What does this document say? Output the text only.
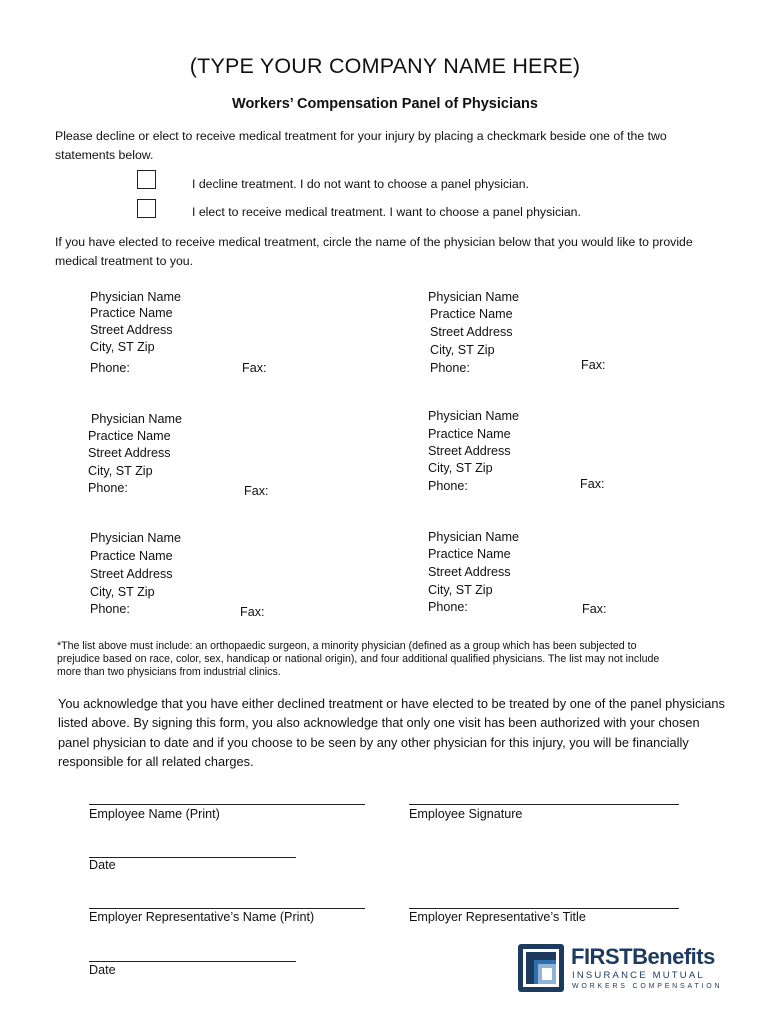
(TYPE YOUR COMPANY NAME HERE)
Workers’ Compensation Panel of Physicians
Please decline or elect to receive medical treatment for your injury by placing a checkmark beside one of the two
statements below.
I decline treatment. I do not want to choose a panel physician.
I elect to receive medical treatment. I want to choose a panel physician.
If you have elected to receive medical treatment, circle the name of the physician below that you would like to provide
medical treatment to you.
Physician Name
Practice Name
Street Address
City, ST Zip
Phone:	Fax:
Physician Name
Practice Name
Street Address
City, ST Zip
Phone:	Fax:
Physician Name
Practice Name
Street Address
City, ST Zip
Phone:	Fax:
Physician Name
Practice Name
Street Address
City, ST Zip
Phone:	Fax:
Physician Name
Practice Name
Street Address
City, ST Zip
Phone:	Fax:
Physician Name
Practice Name
Street Address
City, ST Zip
Phone:	Fax:
*The list above must include: an orthopaedic surgeon, a minority physician (defined as a group which has been subjected to
prejudice based on race, color, sex, handicap or national origin), and four additional qualified physicians. The list may not include
more than two physicians from industrial clinics.
You acknowledge that you have either declined treatment or have elected to be treated by one of the panel physicians
listed above. By signing this form, you also acknowledge that only one visit has been authorized with your chosen
panel physician to date and if you choose to be seen by any other physician for this injury, you will be financially
responsible for all related charges.
Employee Name (Print)	Employee Signature
Date
Employer Representative’s Name (Print)	Employer Representative’s Title
Date
FIRSTBenefits
INSURANCE MUTUAL
WORKERS COMPENSATION
